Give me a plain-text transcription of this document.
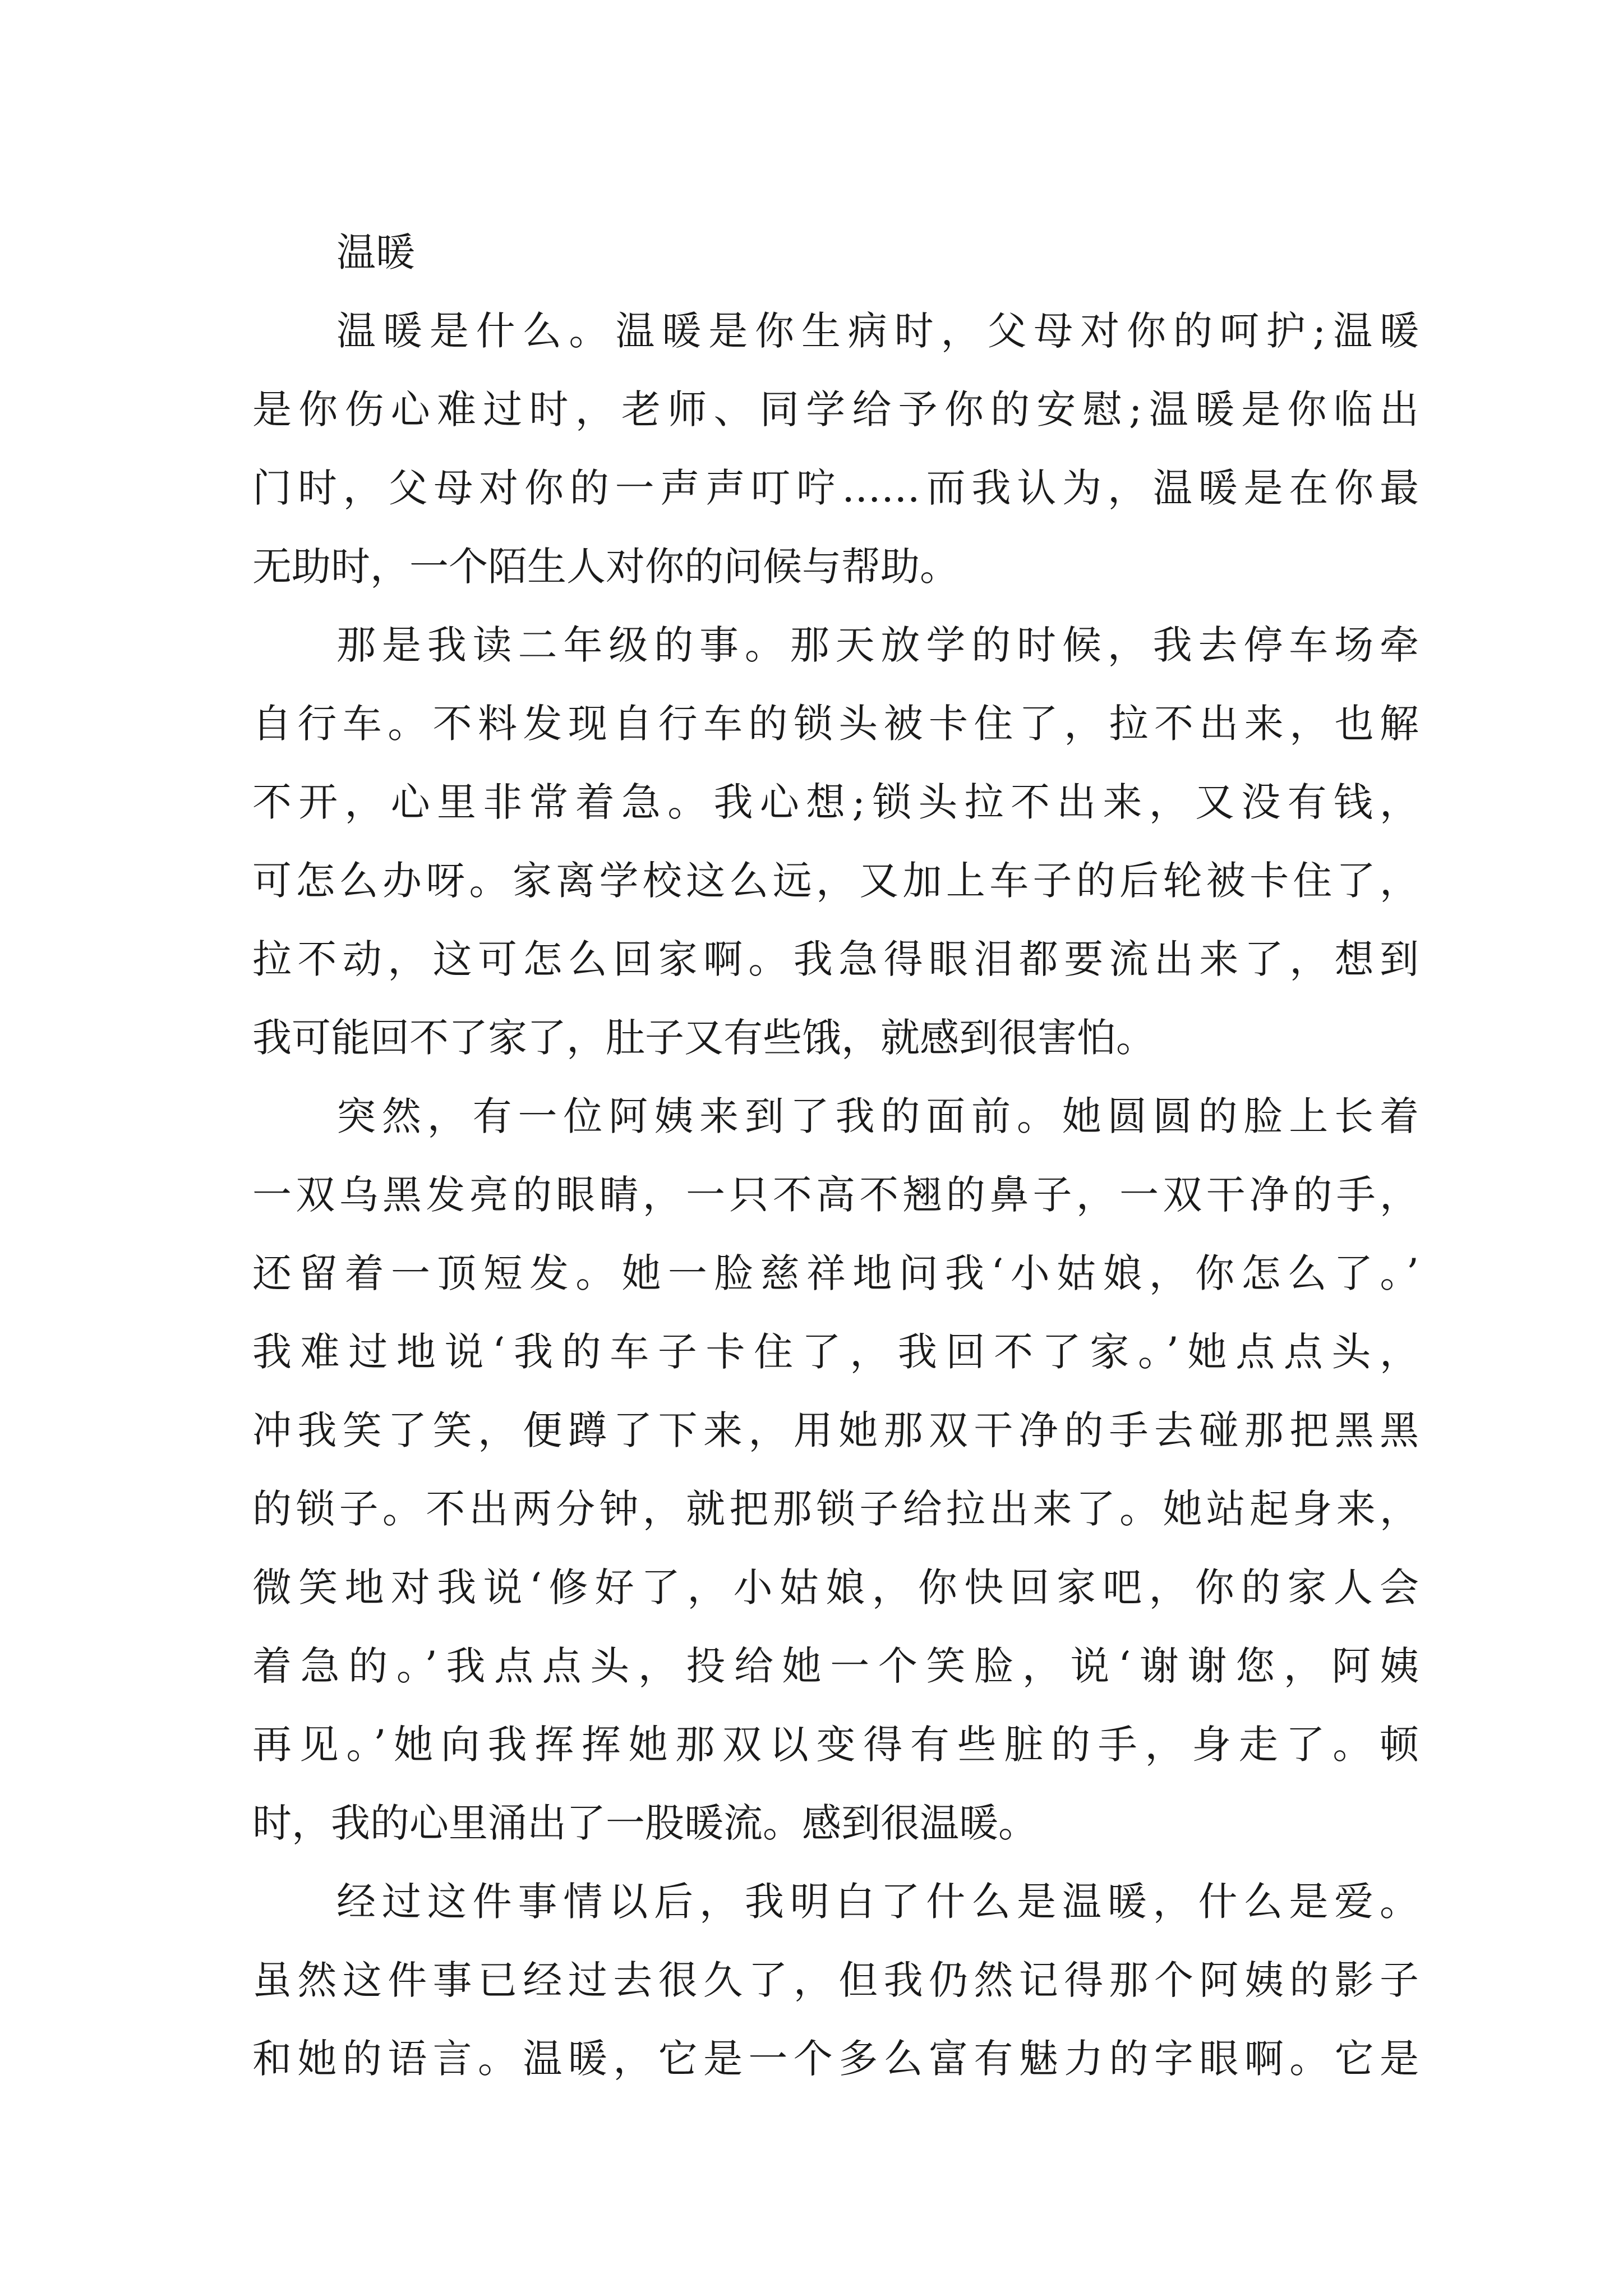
温暖
温暖是什么。温暖是你生病时，父母对你的呵护;温暖
是你伤心难过时，老师、同学给予你的安慰;温暖是你临出
门时，父母对你的一声声叮咛……而我认为，温暖是在你最
无助时，一个陌生人对你的问候与帮助。
那是我读二年级的事。那天放学的时候，我去停车场牵
自行车。不料发现自行车的锁头被卡住了，拉不出来，也解
不开，心里非常着急。我心想;锁头拉不出来，又没有钱，
可怎么办呀。家离学校这么远，又加上车子的后轮被卡住了，
拉不动，这可怎么回家啊。我急得眼泪都要流出来了，想到
我可能回不了家了，肚子又有些饿，就感到很害怕。
突然，有一位阿姨来到了我的面前。她圆圆的脸上长着
一双乌黑发亮的眼睛，一只不高不翘的鼻子，一双干净的手，
还留着一顶短发。她一脸慈祥地问我‘小姑娘，你怎么了。’
我难过地说‘我的车子卡住了，我回不了家。’她点点头，
冲我笑了笑，便蹲了下来，用她那双干净的手去碰那把黑黑
的锁子。不出两分钟，就把那锁子给拉出来了。她站起身来，
微笑地对我说‘修好了，小姑娘，你快回家吧，你的家人会
着急的。’我点点头，投给她一个笑脸，说‘谢谢您，阿姨
再见。’她向我挥挥她那双以变得有些脏的手，身走了。顿
时，我的心里涌出了一股暖流。感到很温暖。
经过这件事情以后，我明白了什么是温暖，什么是爱。
虽然这件事已经过去很久了，但我仍然记得那个阿姨的影子
和她的语言。温暖，它是一个多么富有魅力的字眼啊。它是
